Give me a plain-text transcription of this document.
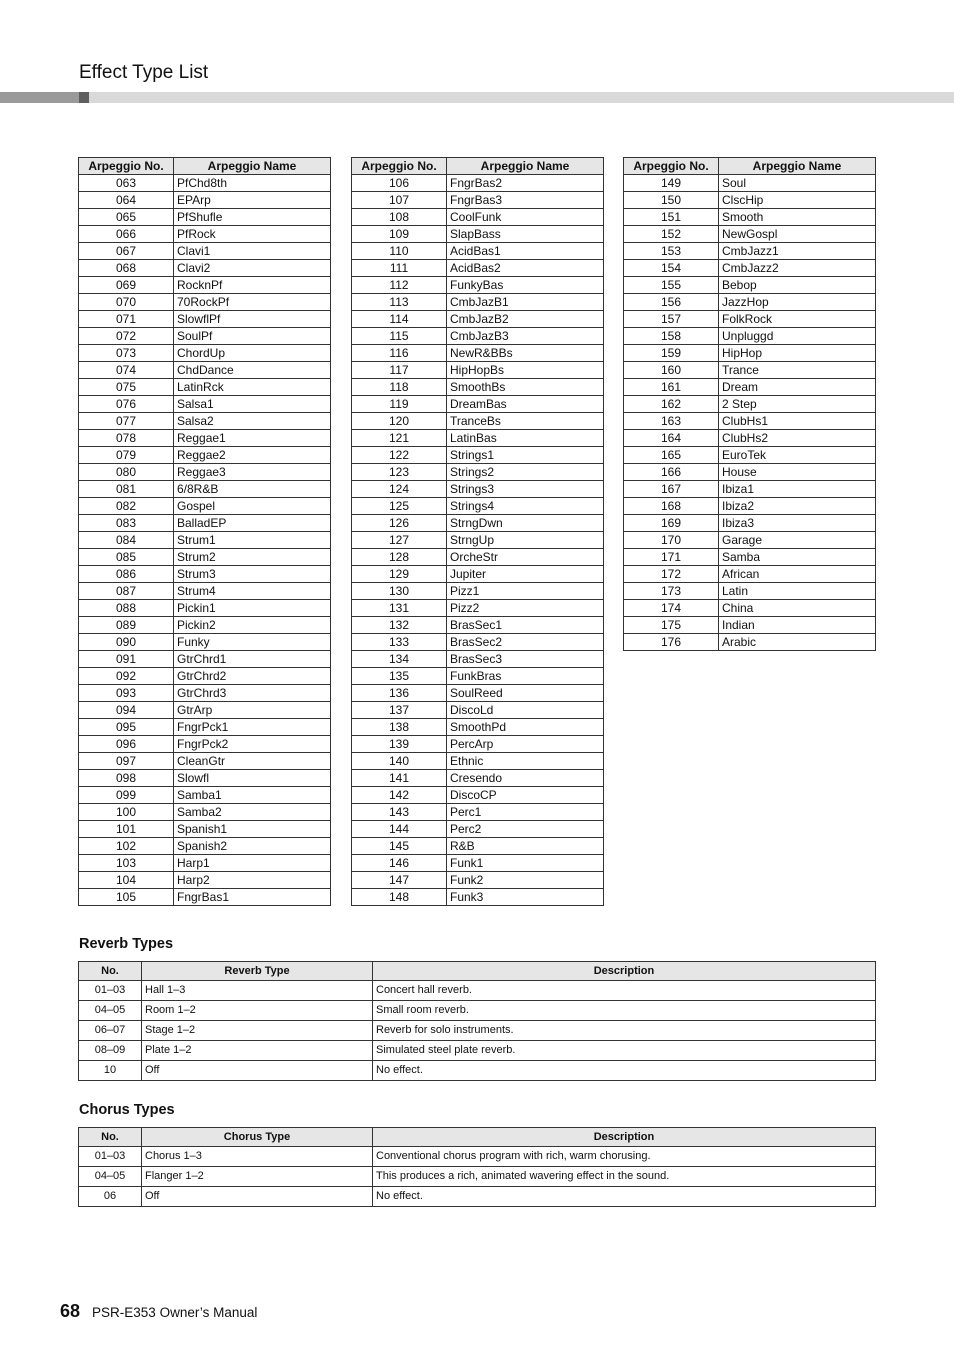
Effect Type List
Arpeggio No.	Arpeggio Name
063	PfChd8th
064	EPArp
065	PfShufle
066	PfRock
067	Clavi1
068	Clavi2
069	RocknPf
070	70RockPf
071	SlowflPf
072	SoulPf
073	ChordUp
074	ChdDance
075	LatinRck
076	Salsa1
077	Salsa2
078	Reggae1
079	Reggae2
080	Reggae3
081	6/8R&B
082	Gospel
083	BalladEP
084	Strum1
085	Strum2
086	Strum3
087	Strum4
088	Pickin1
089	Pickin2
090	Funky
091	GtrChrd1
092	GtrChrd2
093	GtrChrd3
094	GtrArp
095	FngrPck1
096	FngrPck2
097	CleanGtr
098	Slowfl
099	Samba1
100	Samba2
101	Spanish1
102	Spanish2
103	Harp1
104	Harp2
105	FngrBas1
Arpeggio No.	Arpeggio Name
106	FngrBas2
107	FngrBas3
108	CoolFunk
109	SlapBass
110	AcidBas1
111	AcidBas2
112	FunkyBas
113	CmbJazB1
114	CmbJazB2
115	CmbJazB3
116	NewR&BBs
117	HipHopBs
118	SmoothBs
119	DreamBas
120	TranceBs
121	LatinBas
122	Strings1
123	Strings2
124	Strings3
125	Strings4
126	StrngDwn
127	StrngUp
128	OrcheStr
129	Jupiter
130	Pizz1
131	Pizz2
132	BrasSec1
133	BrasSec2
134	BrasSec3
135	FunkBras
136	SoulReed
137	DiscoLd
138	SmoothPd
139	PercArp
140	Ethnic
141	Cresendo
142	DiscoCP
143	Perc1
144	Perc2
145	R&B
146	Funk1
147	Funk2
148	Funk3
Arpeggio No.	Arpeggio Name
149	Soul
150	ClscHip
151	Smooth
152	NewGospl
153	CmbJazz1
154	CmbJazz2
155	Bebop
156	JazzHop
157	FolkRock
158	Unpluggd
159	HipHop
160	Trance
161	Dream
162	2 Step
163	ClubHs1
164	ClubHs2
165	EuroTek
166	House
167	Ibiza1
168	Ibiza2
169	Ibiza3
170	Garage
171	Samba
172	African
173	Latin
174	China
175	Indian
176	Arabic
Reverb Types
No.	Reverb Type	Description
01–03	Hall 1–3	Concert hall reverb.
04–05	Room 1–2	Small room reverb.
06–07	Stage 1–2	Reverb for solo instruments.
08–09	Plate 1–2	Simulated steel plate reverb.
10	Off	No effect.
Chorus Types
No.	Chorus Type	Description
01–03	Chorus 1–3	Conventional chorus program with rich, warm chorusing.
04–05	Flanger 1–2	This produces a rich, animated wavering effect in the sound.
06	Off	No effect.
68 PSR-E353 Owner’s Manual
